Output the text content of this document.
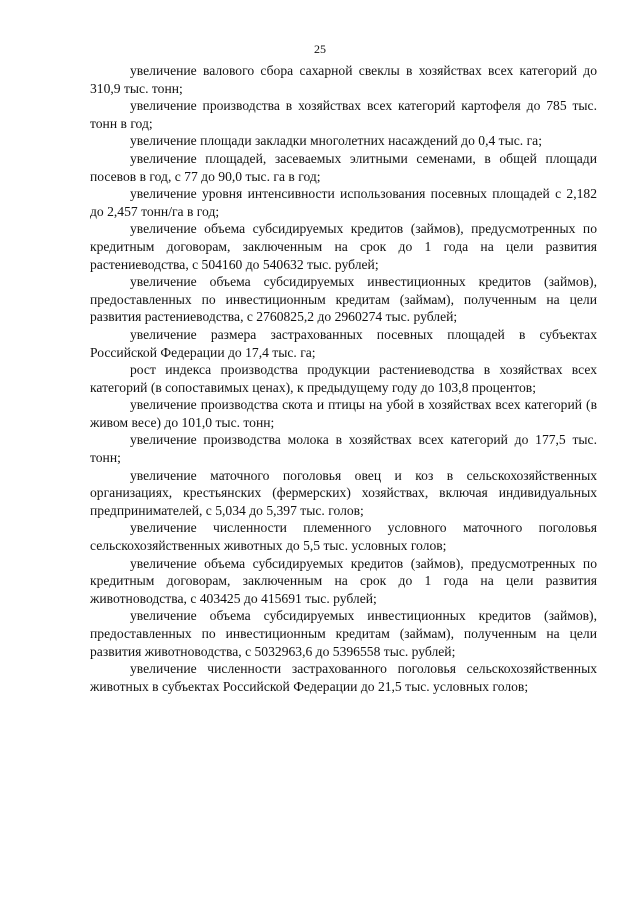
25

увеличение валового сбора сахарной свеклы в хозяйствах всех категорий до 310,9 тыс. тонн;

увеличение производства в хозяйствах всех категорий картофеля до 785 тыс. тонн в год;

увеличение площади закладки многолетних насаждений до 0,4 тыс. га;

увеличение площадей, засеваемых элитными семенами, в общей площади посевов в год, с 77 до 90,0 тыс. га в год;

увеличение уровня интенсивности использования посевных площадей с 2,182 до 2,457 тонн/га в год;

увеличение объема субсидируемых кредитов (займов), предусмотренных по кредитным договорам, заключенным на срок до 1 года на цели развития растениеводства, с 504160 до 540632 тыс. рублей;

увеличение объема субсидируемых инвестиционных кредитов (займов), предоставленных по инвестиционным кредитам (займам), полученным на цели развития растениеводства, с 2760825,2 до 2960274 тыс. рублей;

увеличение размера застрахованных посевных площадей в субъектах Российской Федерации до 17,4 тыс. га;

рост индекса производства продукции растениеводства в хозяйствах всех категорий (в сопоставимых ценах), к предыдущему году до 103,8 процентов;

увеличение производства скота и птицы на убой в хозяйствах всех категорий (в живом весе) до 101,0 тыс. тонн;

увеличение производства молока в хозяйствах всех категорий до 177,5 тыс. тонн;

увеличение маточного поголовья овец и коз в сельскохозяйственных организациях, крестьянских (фермерских) хозяйствах, включая индивидуальных предпринимателей, с 5,034 до 5,397 тыс. голов;

увеличение численности племенного условного маточного поголовья сельскохозяйственных животных до 5,5 тыс. условных голов;

увеличение объема субсидируемых кредитов (займов), предусмотренных по кредитным договорам, заключенным на срок до 1 года на цели развития животноводства, с 403425 до 415691 тыс. рублей;

увеличение объема субсидируемых инвестиционных кредитов (займов), предоставленных по инвестиционным кредитам (займам), полученным на цели развития животноводства, с 5032963,6 до 5396558 тыс. рублей;

увеличение численности застрахованного поголовья сельскохозяйственных животных в субъектах Российской Федерации до 21,5 тыс. условных голов;
